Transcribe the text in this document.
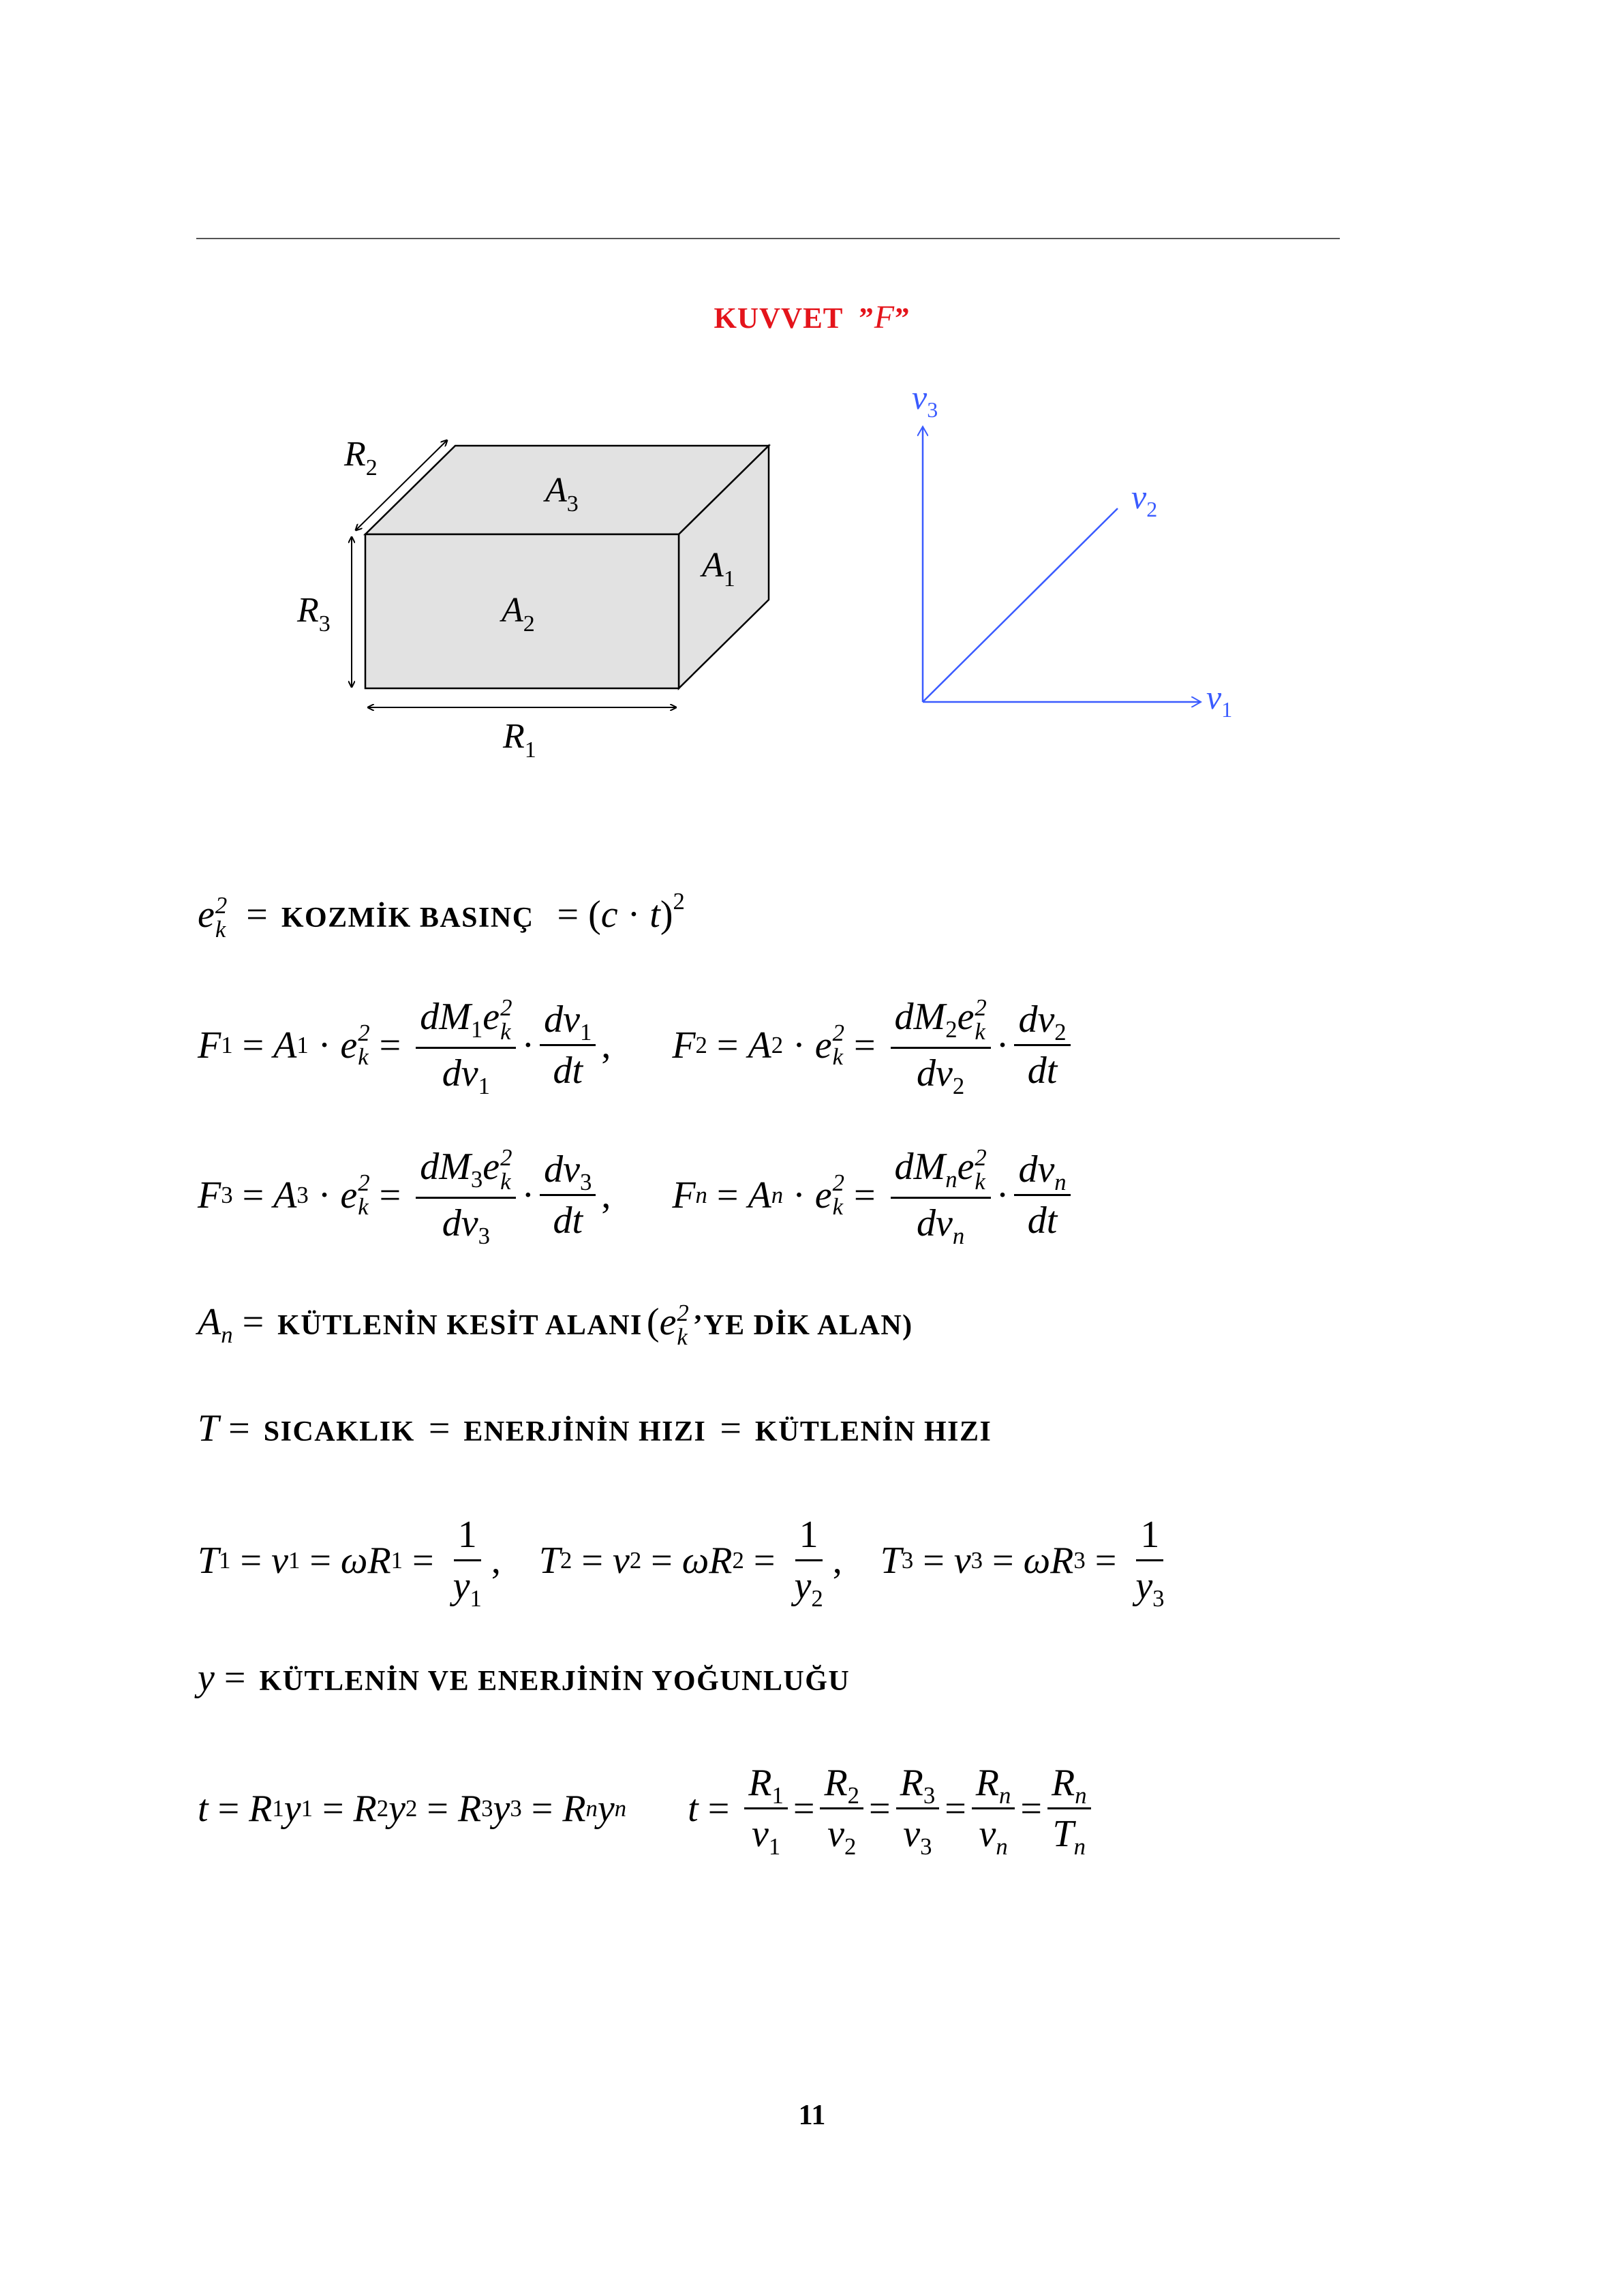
KUVVET  ”F”
$R_2$
$A_3$
$A_1$
$R_3$	$A_2$
$R_1$
$v_3$
$v_2$
$v_1$
e 2
k = KOZMİK BASINÇ = $(c \cdot t)^2$
F 1 = A 1 · e 2
$k = dM_1e$ 2
k
$dv_1 \cdot \frac{dv_1}{dt}$ , F 2 = A 2 · e 2
$k = dM_2e$ 2
k
$dv_2 \cdot \frac{dv_2}{dt}$
F 3 = A 3 · e 2
$k = dM_3e$ 2
k
$dv_3 \cdot \frac{dv_3}{dt}$ , F n = A n · e 2
$k = dM_ne$ 2
k
$dv_n \cdot \frac{dv_n}{dt}$
$A_n$ = KÜTLENİN KESİT ALANI (e 2
k ’YE DİK ALAN)
T = SICAKLIK = ENERJİNİN HIZI = KÜTLENİN HIZI
T 1 = v 1 = ωR $1 = \frac{1}{y_1}$ , T 2 = v 2 = ωR $2 = \frac{1}{y_2}$ , T 3 = v 3 = ωR $3 = \frac{1}{y_3}$
y = KÜTLENİN VE ENERJİNİN YOĞUNLUĞU
t = R 1 y 1 = R 2 y 2 = R 3 y 3 = R n y n $t = \frac{R_1}{v_1} = \frac{R_2}{v_2} = \frac{R_3}{v_3} = \frac{R_n}{v_n} = \frac{R_n}{T_n}$
11
